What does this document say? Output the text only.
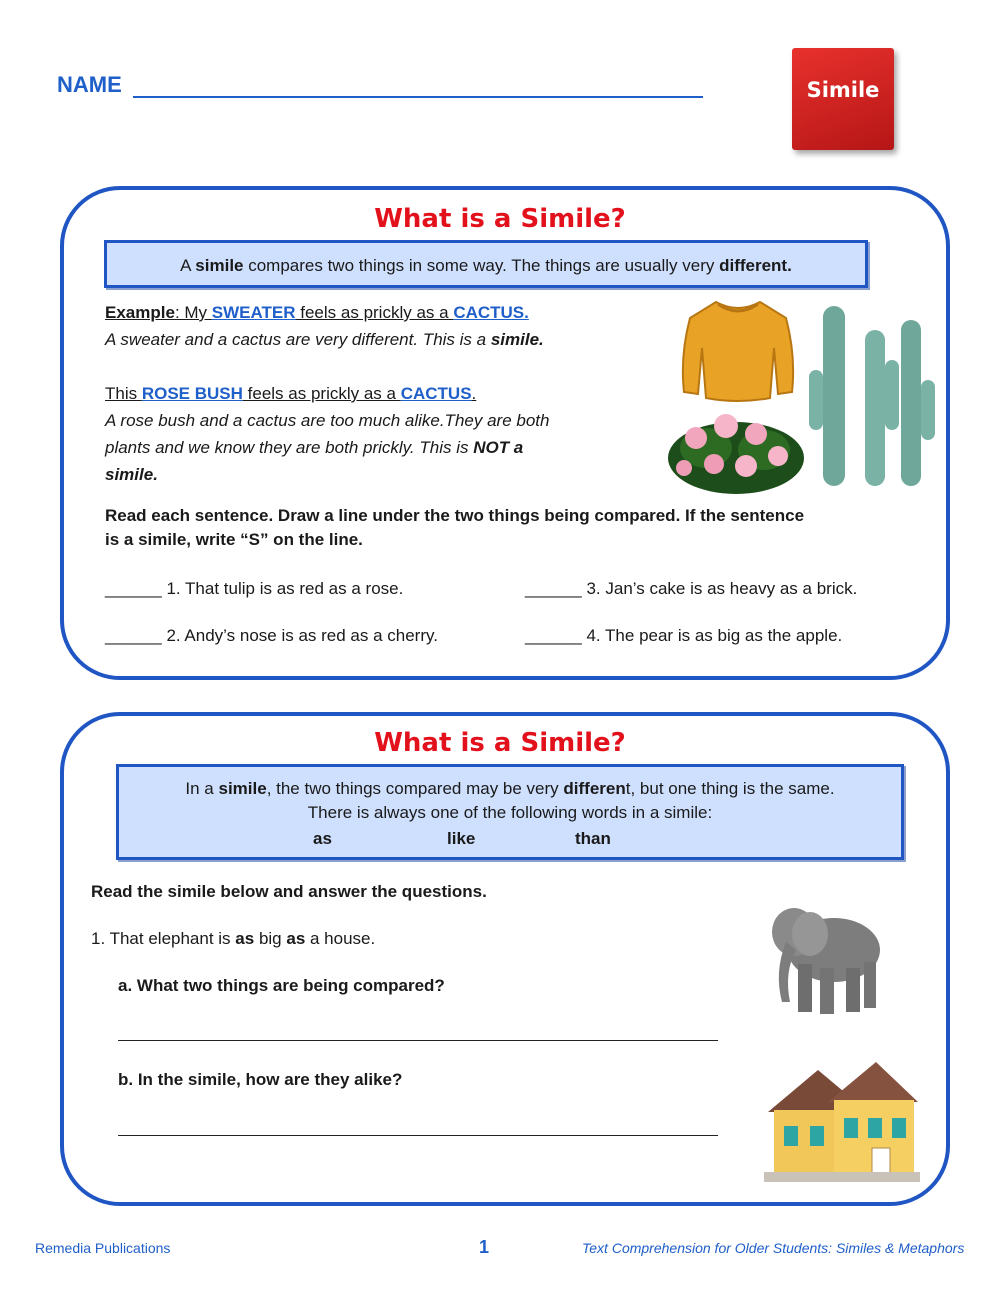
NAME	Simile
What is a Simile?
A simile compares two things in some way. The things are usually very different.
Example: My SWEATER feels as prickly as a CACTUS.
A sweater and a cactus are very different. This is a simile.
This ROSE BUSH feels as prickly as a CACTUS.
A rose bush and a cactus are too much alike.They are both
plants and we know they are both prickly. This is NOT a
simile.
Read each sentence. Draw a line under the two things being compared. If the sentence
is a simile, write “S” on the line.
______ 1. That tulip is as red as a rose.	______ 3. Jan’s cake is as heavy as a brick.
______ 2. Andy’s nose is as red as a cherry.	______ 4. The pear is as big as the apple.
What is a Simile?
In a simile, the two things compared may be very different, but one thing is the same.
There is always one of the following words in a simile:
as	like	than
Read the simile below and answer the questions.
1. That elephant is as big as a house.
a. What two things are being compared?
b. In the simile, how are they alike?
Remedia Publications	1	Text Comprehension for Older Students: Similes & Metaphors
